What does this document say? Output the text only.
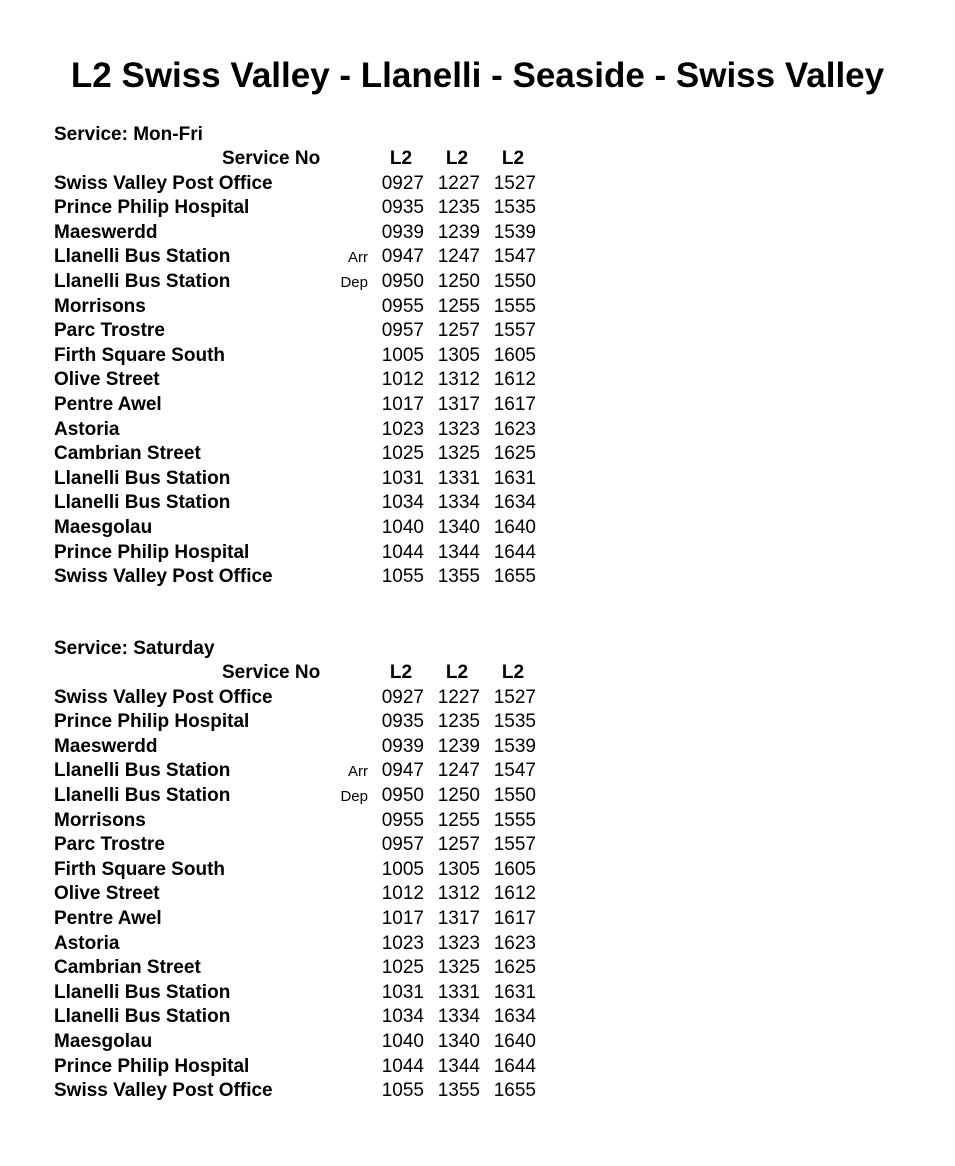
L2 Swiss Valley - Llanelli - Seaside - Swiss Valley
Service: Mon-Fri
Service No	L2	L2	L2
Swiss Valley Post Office	0927 1227 1527
Prince Philip Hospital	0935 1235 1535
Maeswerdd	0939 1239 1539
Llanelli Bus Station	Arr 0947 1247 1547
Llanelli Bus Station	Dep 0950 1250 1550
Morrisons	0955 1255 1555
Parc Trostre	0957 1257 1557
Firth Square South	1005 1305 1605
Olive Street	1012 1312 1612
Pentre Awel	1017 1317 1617
Astoria	1023 1323 1623
Cambrian Street	1025 1325 1625
Llanelli Bus Station	1031 1331 1631
Llanelli Bus Station	1034 1334 1634
Maesgolau	1040 1340 1640
Prince Philip Hospital	1044 1344 1644
Swiss Valley Post Office	1055 1355 1655
Service: Saturday
Service No	L2	L2	L2
Swiss Valley Post Office	0927 1227 1527
Prince Philip Hospital	0935 1235 1535
Maeswerdd	0939 1239 1539
Llanelli Bus Station	Arr 0947 1247 1547
Llanelli Bus Station	Dep 0950 1250 1550
Morrisons	0955 1255 1555
Parc Trostre	0957 1257 1557
Firth Square South	1005 1305 1605
Olive Street	1012 1312 1612
Pentre Awel	1017 1317 1617
Astoria	1023 1323 1623
Cambrian Street	1025 1325 1625
Llanelli Bus Station	1031 1331 1631
Llanelli Bus Station	1034 1334 1634
Maesgolau	1040 1340 1640
Prince Philip Hospital	1044 1344 1644
Swiss Valley Post Office	1055 1355 1655
